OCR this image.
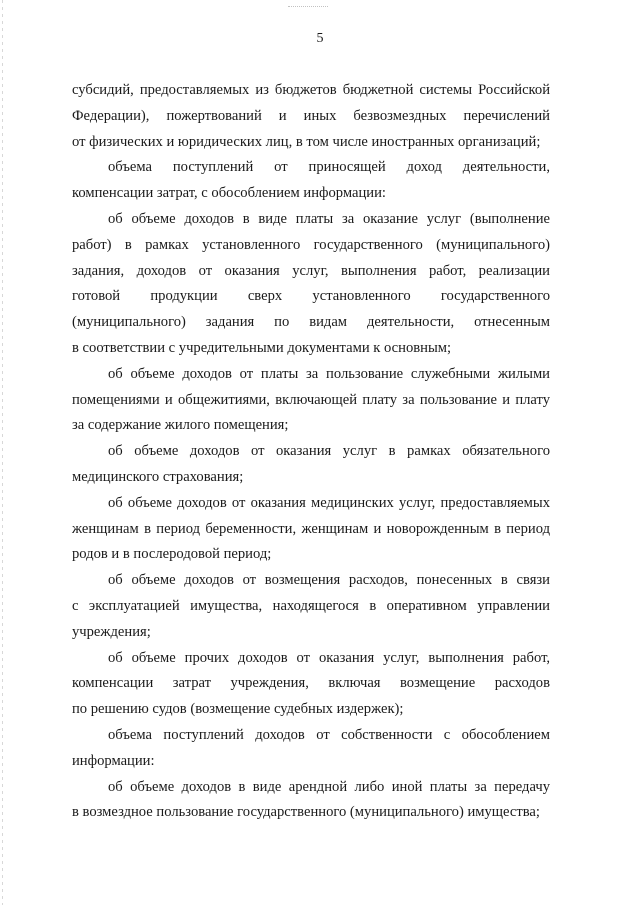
5

субсидий, предоставляемых из бюджетов бюджетной системы Российской
Федерации), пожертвований и иных безвозмездных перечислений
от физических и юридических лиц, в том числе иностранных организаций;

объема поступлений от приносящей доход деятельности,
компенсации затрат, с обособлением информации:

об объеме доходов в виде платы за оказание услуг (выполнение
работ) в рамках установленного государственного (муниципального)
задания, доходов от оказания услуг, выполнения работ, реализации
готовой продукции сверх установленного государственного
(муниципального) задания по видам деятельности, отнесенным
в соответствии с учредительными документами к основным;

об объеме доходов от платы за пользование служебными жилыми
помещениями и общежитиями, включающей плату за пользование и плату
за содержание жилого помещения;

об объеме доходов от оказания услуг в рамках обязательного
медицинского страхования;

об объеме доходов от оказания медицинских услуг, предоставляемых
женщинам в период беременности, женщинам и новорожденным в период
родов и в послеродовой период;

об объеме доходов от возмещения расходов, понесенных в связи
с эксплуатацией имущества, находящегося в оперативном управлении
учреждения;

об объеме прочих доходов от оказания услуг, выполнения работ,
компенсации затрат учреждения, включая возмещение расходов
по решению судов (возмещение судебных издержек);

объема поступлений доходов от собственности с обособлением
информации:

об объеме доходов в виде арендной либо иной платы за передачу
в возмездное пользование государственного (муниципального) имущества;
